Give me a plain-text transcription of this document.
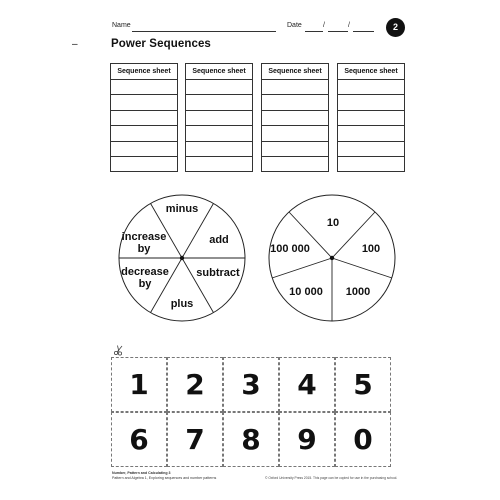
Name	Date	/	/	2
–	Power Sequences
Sequence sheet	Sequence sheet	Sequence sheet	Sequence sheet

minus
add
subtract
plus
decrease by
increase by
10
100
1000
10 000
100 000
1	2	3	4	5
6	7	8	9	0
Number, Pattern and Calculating 3
Pattern and Algebra 1, Exploring sequences and number patterns	© Oxford University Press 2015. This page can be copied for use in the purchasing school.
